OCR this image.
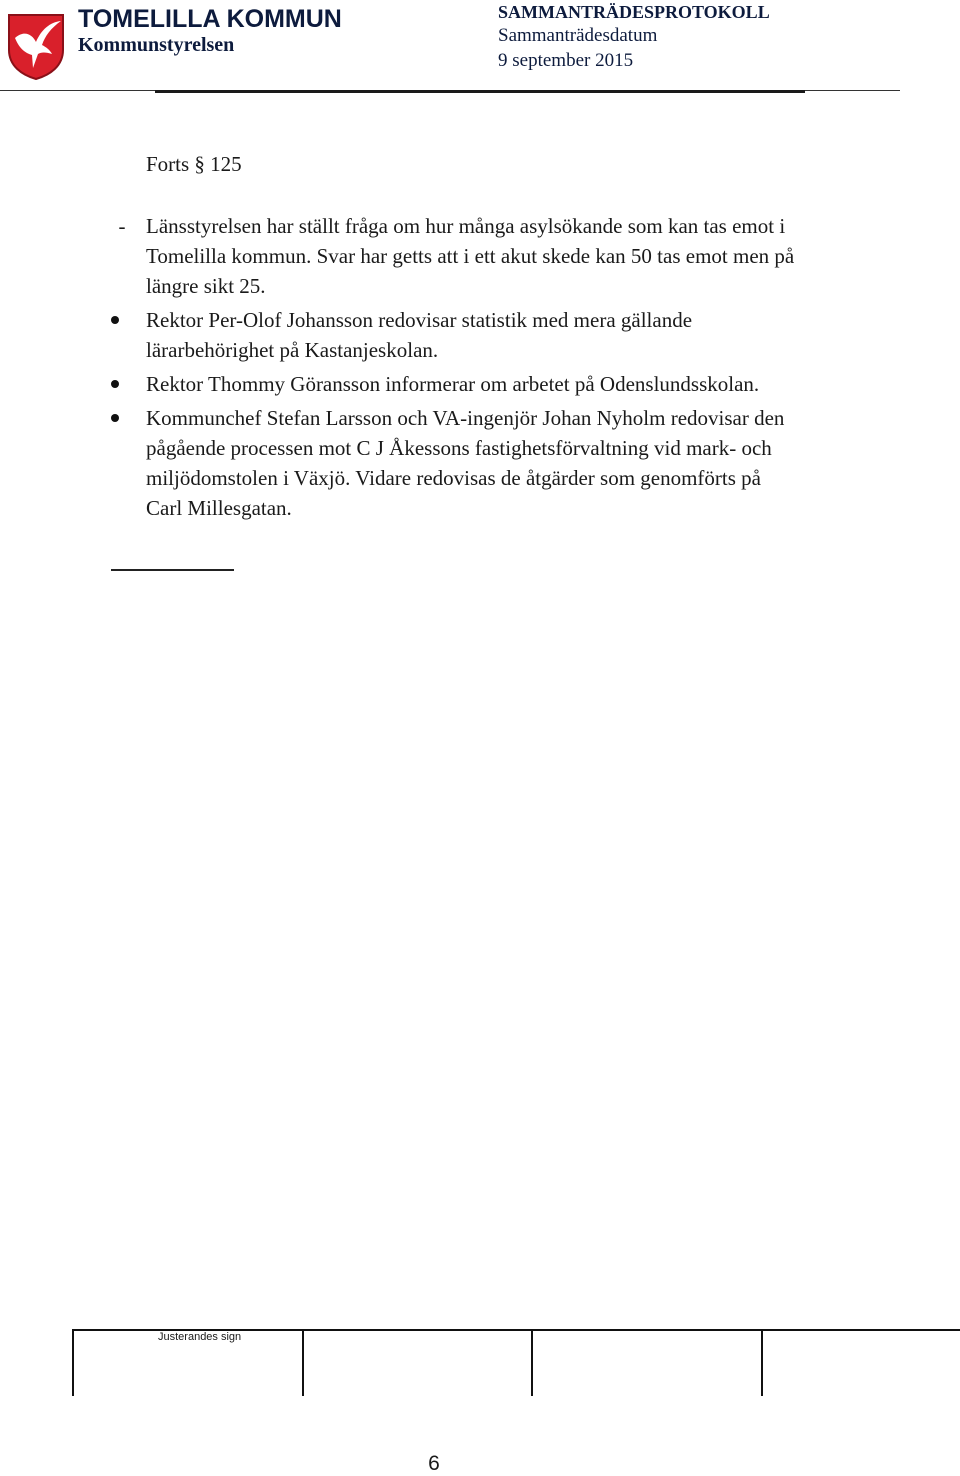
TOMELILLA KOMMUN
Kommunstyrelsen
SAMMANTRÄDESPROTOKOLL
Sammanträdesdatum
9 september 2015
Forts § 125
- Länsstyrelsen har ställt fråga om hur många asylsökande som kan tas emot i Tomelilla kommun. Svar har getts att i ett akut skede kan 50 tas emot men på längre sikt 25.
Rektor Per-Olof Johansson redovisar statistik med mera gällande lärarbehörighet på Kastanjeskolan.
Rektor Thommy Göransson informerar om arbetet på Odenslundsskolan.
Kommunchef Stefan Larsson och VA-ingenjör Johan Nyholm redovisar den pågående processen mot C J Åkessons fastighetsförvaltning vid mark- och miljödomstolen i Växjö. Vidare redovisas de åtgärder som genomförts på Carl Millesgatan.
Justerandes sign
6
